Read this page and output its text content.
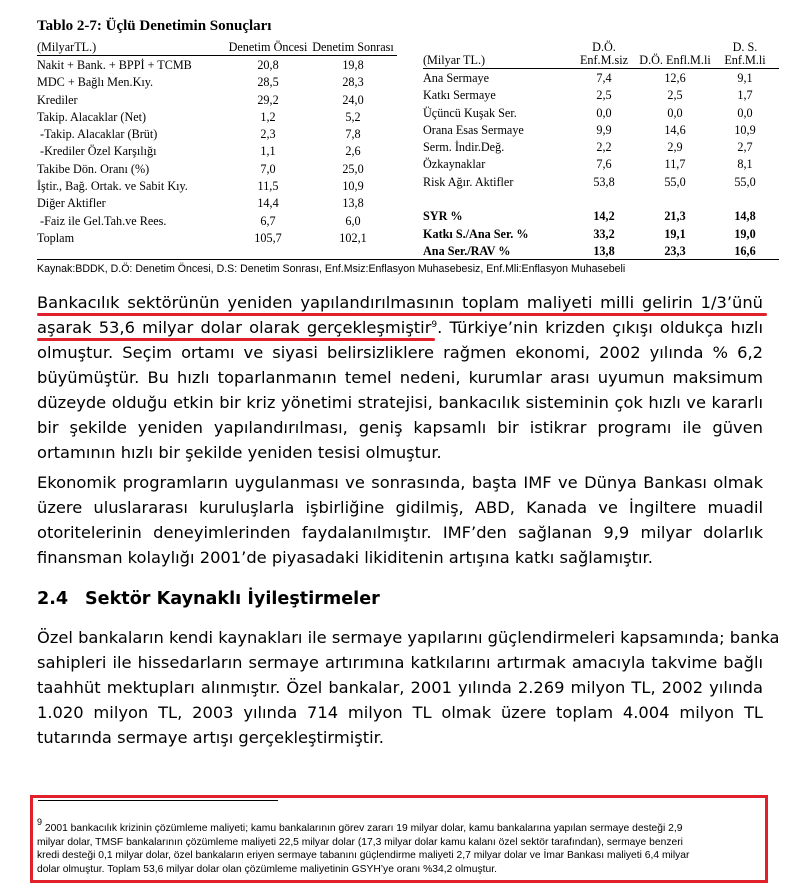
Tablo 2-7: Üçlü Denetimin Sonuçları
(MilyarTL.)	Denetim Öncesi	Denetim Sonrası
Nakit + Bank. + BPPİ + TCMB	20,8	19,8
MDC + Bağlı Men.Kıy.	28,5	28,3
Krediler	29,2	24,0
Takip. Alacaklar (Net)	1,2	5,2
-Takip. Alacaklar (Brüt)	2,3	7,8
-Krediler Özel Karşılığı	1,1	2,6
Takibe Dön. Oranı (%)	7,0	25,0
İştir., Bağ. Ortak. ve Sabit Kıy.	11,5	10,9
Diğer Aktifler	14,4	13,8
-Faiz ile Gel.Tah.ve Rees.	6,7	6,0
Toplam	105,7	102,1
(Milyar TL.)	D.Ö. Enf.M.siz	D.Ö. Enfl.M.li	D. S. Enf.M.li
Ana Sermaye	7,4	12,6	9,1
Katkı Sermaye	2,5	2,5	1,7
Üçüncü Kuşak Ser.	0,0	0,0	0,0
Orana Esas Sermaye	9,9	14,6	10,9
Serm. İndir.Değ.	2,2	2,9	2,7
Özkaynaklar	7,6	11,7	8,1
Risk Ağır. Aktifler	53,8	55,0	55,0

SYR %	14,2	21,3	14,8
Katkı S./Ana Ser. %	33,2	19,1	19,0
Ana Ser./RAV %	13,8	23,3	16,6
Kaynak:BDDK, D.Ö: Denetim Öncesi, D.S: Denetim Sonrası, Enf.Msiz:Enflasyon Muhasebesiz, Enf.Mli:Enflasyon Muhasebeli
Bankacılık sektörünün yeniden yapılandırılmasının toplam maliyeti milli gelirin 1/3’ünü
aşarak 53,6 milyar dolar olarak gerçekleşmiştir$^9$. Türkiye’nin krizden çıkışı oldukça hızlı
olmuştur. Seçim ortamı ve siyasi belirsizliklere rağmen ekonomi, 2002 yılında % 6,2
büyümüştür. Bu hızlı toparlanmanın temel nedeni, kurumlar arası uyumun maksimum
düzeyde olduğu etkin bir kriz yönetimi stratejisi, bankacılık sisteminin çok hızlı ve kararlı
bir şekilde yeniden yapılandırılması, geniş kapsamlı bir istikrar programı ile güven
ortamının hızlı bir şekilde yeniden tesisi olmuştur.
Ekonomik programların uygulanması ve sonrasında, başta IMF ve Dünya Bankası olmak
üzere uluslararası kuruluşlarla işbirliğine gidilmiş, ABD, Kanada ve İngiltere muadil
otoritelerinin deneyimlerinden faydalanılmıştır. IMF’den sağlanan 9,9 milyar dolarlık
finansman kolaylığı 2001’de piyasadaki likiditenin artışına katkı sağlamıştır.
2.4 Sektör Kaynaklı İyileştirmeler
Özel bankaların kendi kaynakları ile sermaye yapılarını güçlendirmeleri kapsamında; banka
sahipleri ile hissedarların sermaye artırımına katkılarını artırmak amacıyla takvime bağlı
taahhüt mektupları alınmıştır. Özel bankalar, 2001 yılında 2.269 milyon TL, 2002 yılında
1.020 milyon TL, 2003 yılında 714 milyon TL olmak üzere toplam 4.004 milyon TL
tutarında sermaye artışı gerçekleştirmiştir.
$^9$ 2001 bankacılık krizinin çözümleme maliyeti; kamu bankalarının görev zararı 19 milyar dolar, kamu bankalarına yapılan sermaye desteği 2,9
milyar dolar, TMSF bankalarının çözümleme maliyeti 22,5 milyar dolar (17,3 milyar dolar kamu kalanı özel sektör tarafından), sermaye benzeri
kredi desteği 0,1 milyar dolar, özel bankaların eriyen sermaye tabanını güçlendirme maliyeti 2,7 milyar dolar ve İmar Bankası maliyeti 6,4 milyar
dolar olmuştur. Toplam 53,6 milyar dolar olan çözümleme maliyetinin GSYH’ye oranı %34,2 olmuştur.
